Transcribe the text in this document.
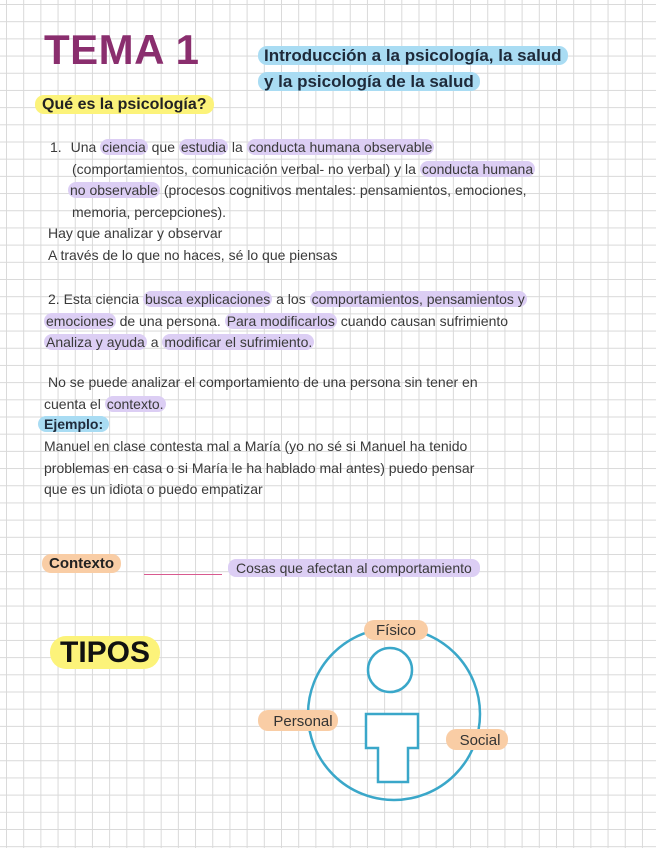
TEMA 1	Introducción a la psicología, la salud
y la psicología de la salud
Qué es la psicología?
1. Una ciencia que estudia la conducta humana observable
(comportamientos, comunicación verbal- no verbal) y la conducta humana
no observable (procesos cognitivos mentales: pensamientos, emociones,
memoria, percepciones).
Hay que analizar y observar
A través de lo que no haces, sé lo que piensas
2. Esta ciencia busca explicaciones a los comportamientos, pensamientos y
emociones de una persona. Para modificarlos cuando causan sufrimiento
Analiza y ayuda a modificar el sufrimiento.
No se puede analizar el comportamiento de una persona sin tener en
cuenta el contexto.
Ejemplo:
Manuel en clase contesta mal a María (yo no sé si Manuel ha tenido
problemas en casa o si María le ha hablado mal antes) puedo pensar
que es un idiota o puedo empatizar
Contexto	Cosas que afectan al comportamiento
TIPOS
Físico
Personal
Social
